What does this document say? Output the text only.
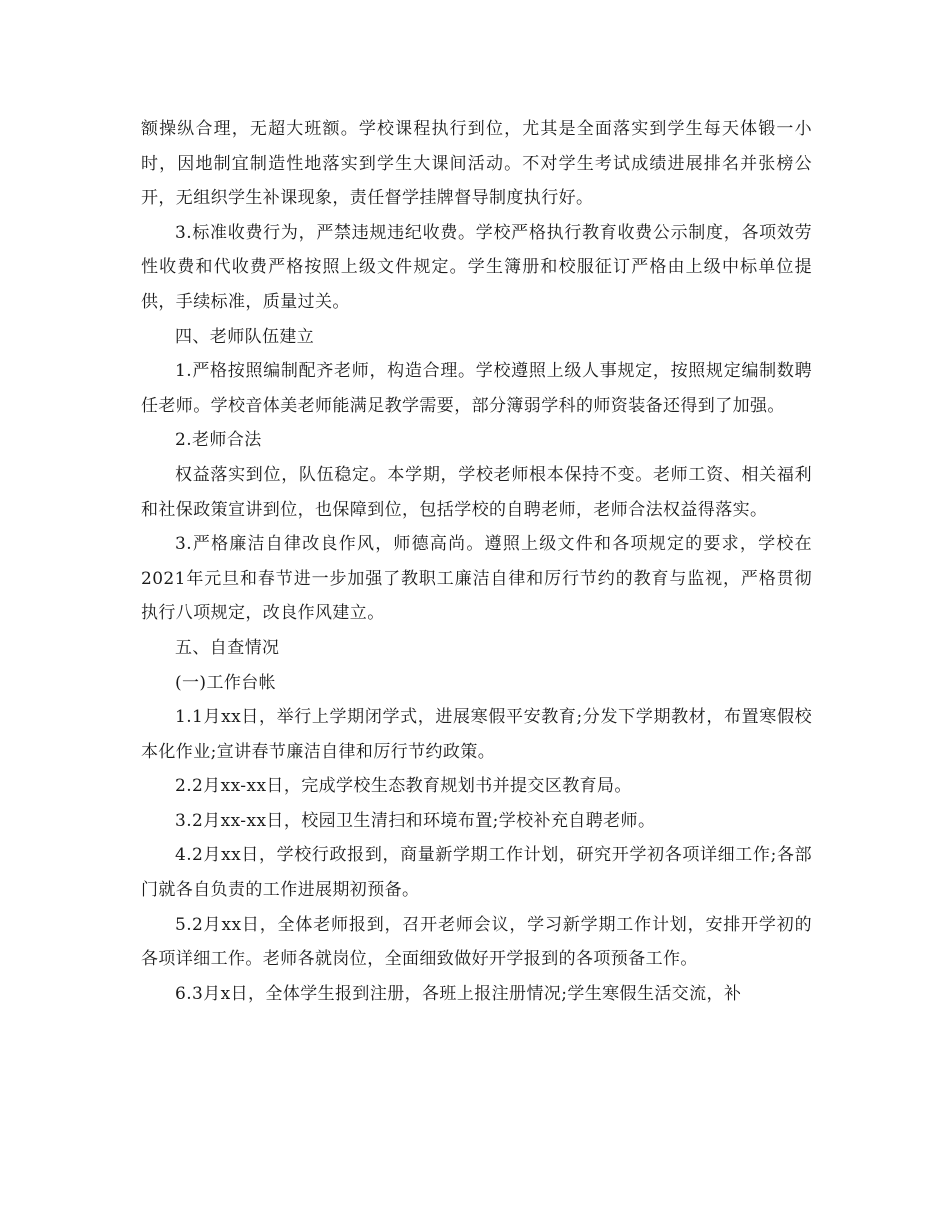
额操纵合理，无超大班额。学校课程执行到位，尤其是全面落实到学生每天体锻一小时，因地制宜制造性地落实到学生大课间活动。不对学生考试成绩进展排名并张榜公开，无组织学生补课现象，责任督学挂牌督导制度执行好。

3.标准收费行为，严禁违规违纪收费。学校严格执行教育收费公示制度，各项效劳性收费和代收费严格按照上级文件规定。学生簿册和校服征订严格由上级中标单位提供，手续标准，质量过关。

四、老师队伍建立

1.严格按照编制配齐老师，构造合理。学校遵照上级人事规定，按照规定编制数聘任老师。学校音体美老师能满足教学需要，部分簿弱学科的师资装备还得到了加强。

2.老师合法

权益落实到位，队伍稳定。本学期，学校老师根本保持不变。老师工资、相关福利和社保政策宣讲到位，也保障到位，包括学校的自聘老师，老师合法权益得落实。

3.严格廉洁自律改良作风，师德高尚。遵照上级文件和各项规定的要求，学校在2021年元旦和春节进一步加强了教职工廉洁自律和厉行节约的教育与监视，严格贯彻执行八项规定，改良作风建立。

五、自查情况

(一)工作台帐

1.1月xx日，举行上学期闭学式，进展寒假平安教育;分发下学期教材，布置寒假校本化作业;宣讲春节廉洁自律和厉行节约政策。

2.2月xx-xx日，完成学校生态教育规划书并提交区教育局。

3.2月xx-xx日，校园卫生清扫和环境布置;学校补充自聘老师。

4.2月xx日，学校行政报到，商量新学期工作计划，研究开学初各项详细工作;各部门就各自负责的工作进展期初预备。

5.2月xx日，全体老师报到，召开老师会议，学习新学期工作计划，安排开学初的各项详细工作。老师各就岗位，全面细致做好开学报到的各项预备工作。

6.3月x日，全体学生报到注册，各班上报注册情况;学生寒假生活交流，补
